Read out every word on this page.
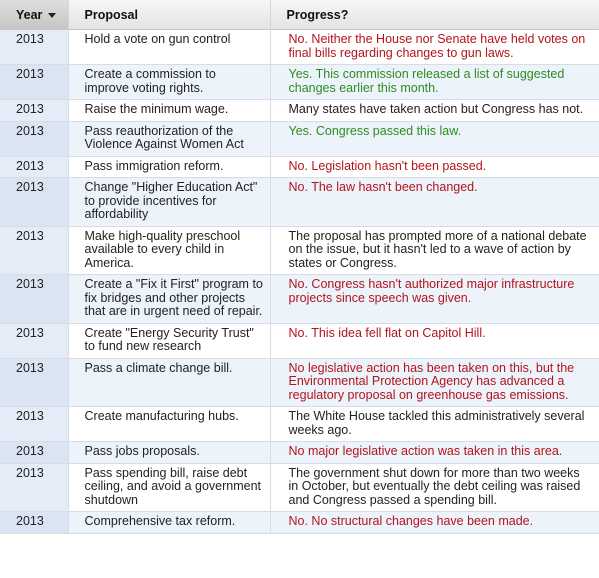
Year	Proposal	Progress?
2013	Hold a vote on gun control	No. Neither the House nor Senate have held votes on final bills regarding changes to gun laws.
2013	Create a commission to improve voting rights.	Yes. This commission released a list of suggested changes earlier this month.
2013	Raise the minimum wage.	Many states have taken action but Congress has not.
2013	Pass reauthorization of the Violence Against Women Act	Yes. Congress passed this law.
2013	Pass immigration reform.	No. Legislation hasn't been passed.
2013	Change "Higher Education Act" to provide incentives for affordability	No. The law hasn't been changed.
2013	Make high-quality preschool available to every child in America.	The proposal has prompted more of a national debate on the issue, but it hasn't led to a wave of action by states or Congress.
2013	Create a "Fix it First" program to fix bridges and other projects that are in urgent need of repair.	No. Congress hasn't authorized major infrastructure projects since speech was given.
2013	Create "Energy Security Trust" to fund new research	No. This idea fell flat on Capitol Hill.
2013	Pass a climate change bill.	No legislative action has been taken on this, but the Environmental Protection Agency has advanced a regulatory proposal on greenhouse gas emissions.
2013	Create manufacturing hubs.	The White House tackled this administratively several weeks ago.
2013	Pass jobs proposals.	No major legislative action was taken in this area.
2013	Pass spending bill, raise debt ceiling, and avoid a government shutdown	The government shut down for more than two weeks in October, but eventually the debt ceiling was raised and Congress passed a spending bill.
2013	Comprehensive tax reform.	No. No structural changes have been made.
